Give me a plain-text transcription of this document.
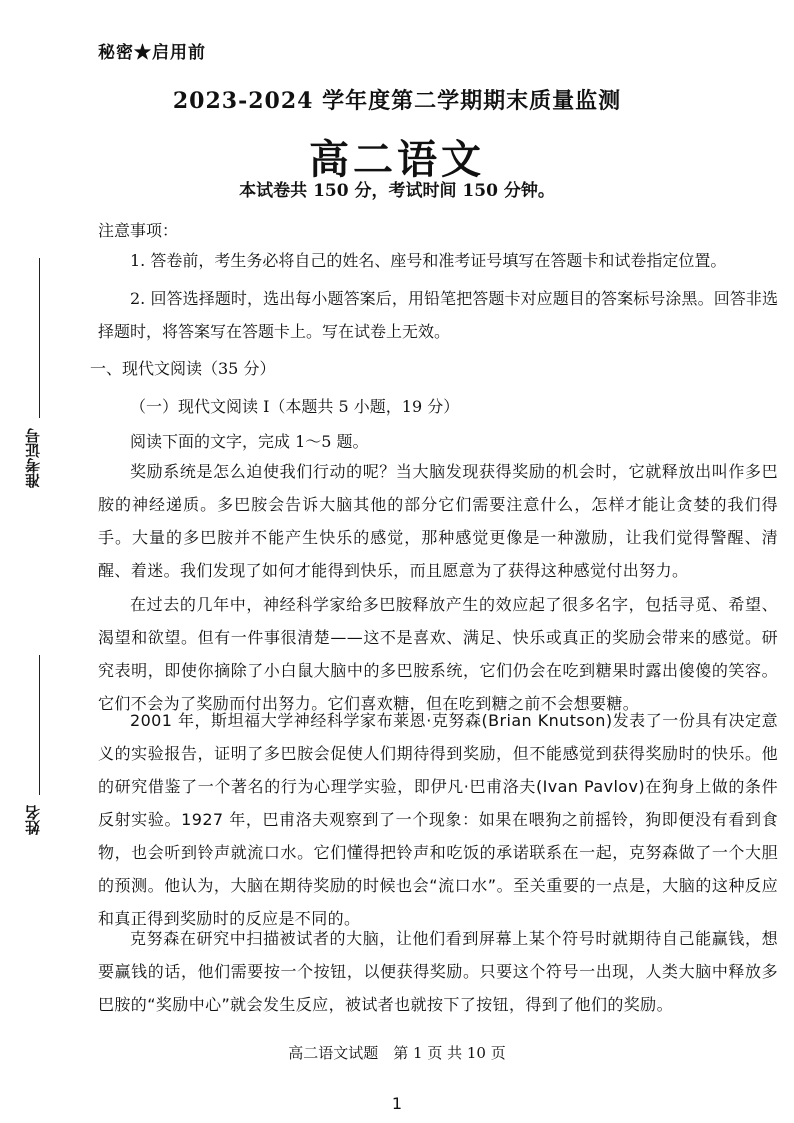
准考证号
姓名
秘密★启用前
2023-2024 学年度第二学期期末质量监测
高二语文
本试卷共 150 分，考试时间 150 分钟。
注意事项：
1. 答卷前，考生务必将自己的姓名、座号和准考证号填写在答题卡和试卷指定位置。
2. 回答选择题时，选出每小题答案后，用铅笔把答题卡对应题目的答案标号涂黑。回答非选择题时，将答案写在答题卡上。写在试卷上无效。
一、现代文阅读（35 分）
（一）现代文阅读 Ⅰ（本题共 5 小题，19 分）
阅读下面的文字，完成 1～5 题。
奖励系统是怎么迫使我们行动的呢？当大脑发现获得奖励的机会时，它就释放出叫作多巴胺的神经递质。多巴胺会告诉大脑其他的部分它们需要注意什么，怎样才能让贪婪的我们得手。大量的多巴胺并不能产生快乐的感觉，那种感觉更像是一种激励，让我们觉得警醒、清醒、着迷。我们发现了如何才能得到快乐，而且愿意为了获得这种感觉付出努力。
在过去的几年中，神经科学家给多巴胺释放产生的效应起了很多名字，包括寻觅、希望、渴望和欲望。但有一件事很清楚——这不是喜欢、满足、快乐或真正的奖励会带来的感觉。研究表明，即使你摘除了小白鼠大脑中的多巴胺系统，它们仍会在吃到糖果时露出傻傻的笑容。它们不会为了奖励而付出努力。它们喜欢糖，但在吃到糖之前不会想要糖。
2001 年，斯坦福大学神经科学家布莱恩·克努森(Brian Knutson)发表了一份具有决定意义的实验报告，证明了多巴胺会促使人们期待得到奖励，但不能感觉到获得奖励时的快乐。他的研究借鉴了一个著名的行为心理学实验，即伊凡·巴甫洛夫(Ivan Pavlov)在狗身上做的条件反射实验。1927 年，巴甫洛夫观察到了一个现象：如果在喂狗之前摇铃，狗即便没有看到食物，也会听到铃声就流口水。它们懂得把铃声和吃饭的承诺联系在一起，克努森做了一个大胆的预测。他认为，大脑在期待奖励的时候也会“流口水”。至关重要的一点是，大脑的这种反应和真正得到奖励时的反应是不同的。
克努森在研究中扫描被试者的大脑，让他们看到屏幕上某个符号时就期待自己能赢钱，想要赢钱的话，他们需要按一个按钮，以便获得奖励。只要这个符号一出现，人类大脑中释放多巴胺的“奖励中心”就会发生反应，被试者也就按下了按钮，得到了他们的奖励。
高二语文试题　第 1 页 共 10 页
1
